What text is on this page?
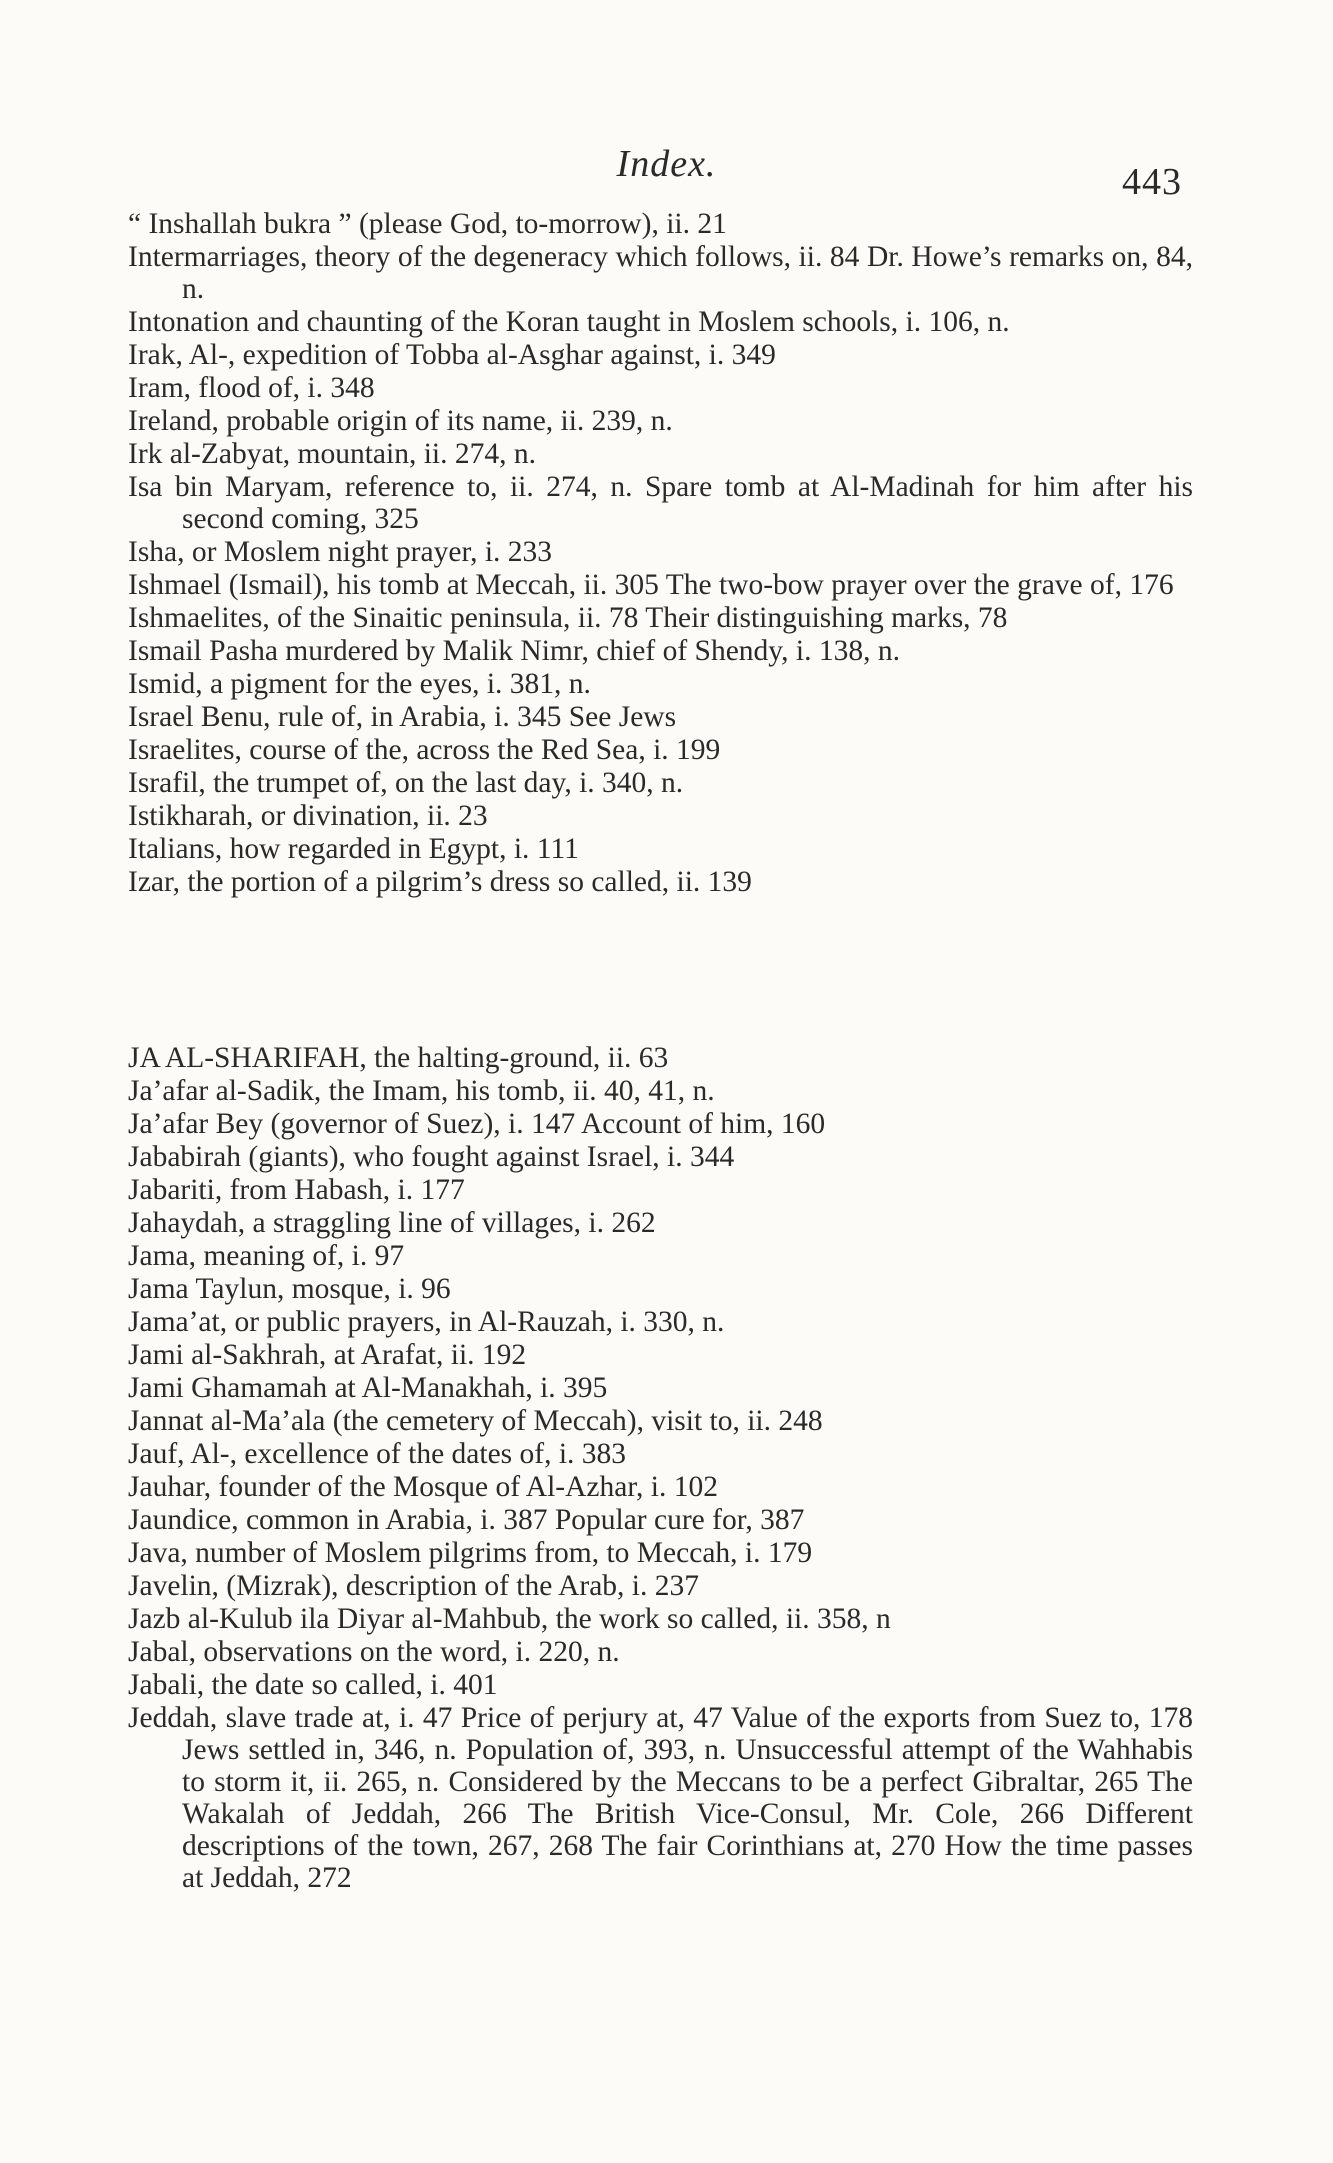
Index.	443

“ Inshallah bukra ” (please God, to-morrow), ii. 21

Intermarriages, theory of the degeneracy which follows, ii. 84 Dr. Howe’s remarks on, 84, n.

Intonation and chaunting of the Koran taught in Moslem schools, i. 106, n.

Irak, Al-, expedition of Tobba al-Asghar against, i. 349

Iram, flood of, i. 348

Ireland, probable origin of its name, ii. 239, n.

Irk al-Zabyat, mountain, ii. 274, n.

Isa bin Maryam, reference to, ii. 274, n. Spare tomb at Al-Madinah for him after his second coming, 325

Isha, or Moslem night prayer, i. 233

Ishmael (Ismail), his tomb at Meccah, ii. 305 The two-bow prayer over the grave of, 176

Ishmaelites, of the Sinaitic peninsula, ii. 78 Their distinguishing marks, 78

Ismail Pasha murdered by Malik Nimr, chief of Shendy, i. 138, n.

Ismid, a pigment for the eyes, i. 381, n.

Israel Benu, rule of, in Arabia, i. 345 See Jews

Israelites, course of the, across the Red Sea, i. 199

Israfil, the trumpet of, on the last day, i. 340, n.

Istikharah, or divination, ii. 23

Italians, how regarded in Egypt, i. 111

Izar, the portion of a pilgrim’s dress so called, ii. 139

JA AL-SHARIFAH, the halting-ground, ii. 63

Ja’afar al-Sadik, the Imam, his tomb, ii. 40, 41, n.

Ja’afar Bey (governor of Suez), i. 147 Account of him, 160

Jababirah (giants), who fought against Israel, i. 344

Jabariti, from Habash, i. 177

Jahaydah, a straggling line of villages, i. 262

Jama, meaning of, i. 97

Jama Taylun, mosque, i. 96

Jama’at, or public prayers, in Al-Rauzah, i. 330, n.

Jami al-Sakhrah, at Arafat, ii. 192

Jami Ghamamah at Al-Manakhah, i. 395

Jannat al-Ma’ala (the cemetery of Meccah), visit to, ii. 248

Jauf, Al-, excellence of the dates of, i. 383

Jauhar, founder of the Mosque of Al-Azhar, i. 102

Jaundice, common in Arabia, i. 387 Popular cure for, 387

Java, number of Moslem pilgrims from, to Meccah, i. 179

Javelin, (Mizrak), description of the Arab, i. 237

Jazb al-Kulub ila Diyar al-Mahbub, the work so called, ii. 358, n

Jabal, observations on the word, i. 220, n.

Jabali, the date so called, i. 401

Jeddah, slave trade at, i. 47 Price of perjury at, 47 Value of the exports from Suez to, 178 Jews settled in, 346, n. Population of, 393, n. Unsuccessful attempt of the Wahhabis to storm it, ii. 265, n. Considered by the Meccans to be a perfect Gibraltar, 265 The Wakalah of Jeddah, 266 The British Vice-Consul, Mr. Cole, 266 Different descriptions of the town, 267, 268 The fair Corinthians at, 270 How the time passes at Jeddah, 272
